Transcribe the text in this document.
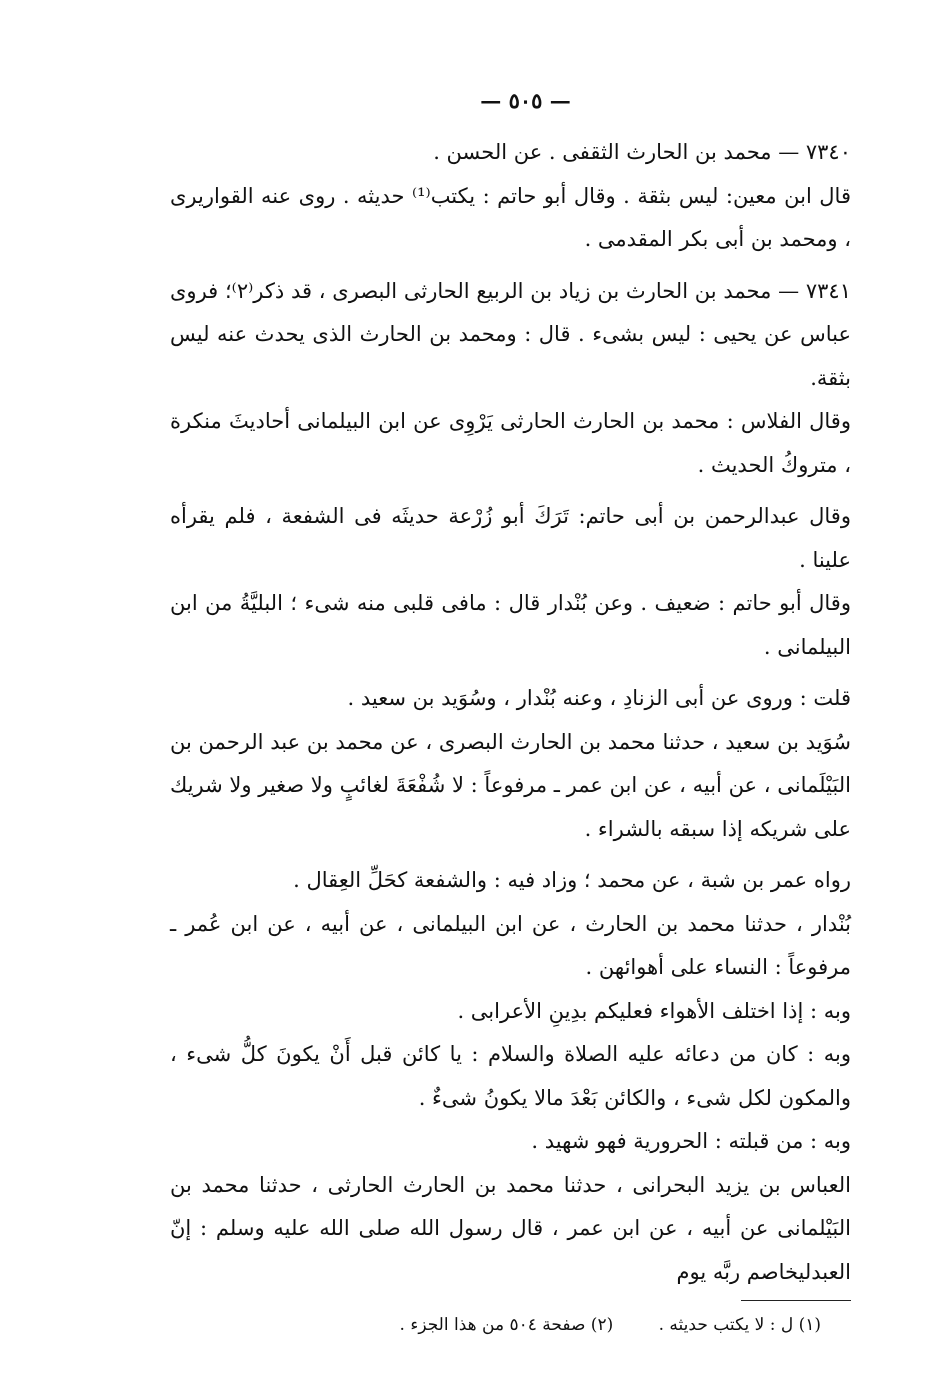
— ٥٠٥ —

٧٣٤٠ — محمد بن الحارث الثقفى . عن الحسن .

قال ابن معين: ليس بثقة . وقال أبو حاتم : يكتب⁽¹⁾ حديثه . روى عنه القواريرى ، ومحمد بن أبى بكر المقدمى .

٧٣٤١ — محمد بن الحارث بن زياد بن الربيع الحارثى البصرى ، قد ذكر⁽٢⁾؛ فروى عباس عن يحيى : ليس بشىء . قال : ومحمد بن الحارث الذى يحدث عنه ليس بثقة.

وقال الفلاس : محمد بن الحارث الحارثى يَرْوِى عن ابن البيلمانى أحاديثَ منكرة ، متروكُ الحديث .

وقال عبدالرحمن بن أبى حاتم: تَرَكَ أبو زُرْعة حديثَه فى الشفعة ، فلم يقرأه علينا .

وقال أبو حاتم : ضعيف . وعن بُنْدار قال : مافى قلبى منه شىء ؛ البليَّةُ من ابن البيلمانى .

قلت : وروى عن أبى الزنادِ ، وعنه بُنْدار ، وسُوَيد بن سعيد .

سُوَيد بن سعيد ، حدثنا محمد بن الحارث البصرى ، عن محمد بن عبد الرحمن بن البَيْلَمانى ، عن أبيه ، عن ابن عمر ـ مرفوعاً : لا شُفْعَةَ لغائبٍ ولا صغير ولا شريك على شريكه إذا سبقه بالشراء .

رواه عمر بن شبة ، عن محمد ؛ وزاد فيه : والشفعة كحَلِّ العِقال .

بُنْدار ، حدثنا محمد بن الحارث ، عن ابن البيلمانى ، عن أبيه ، عن ابن عُمر ـ مرفوعاً : النساء على أهوائهن .

وبه : إذا اختلف الأهواء فعليكم بدِينِ الأعرابى .

وبه : كان من دعائه عليه الصلاة والسلام : يا كائن قبل أَنْ يكونَ كلُّ شىء ، والمكون لكل شىء ، والكائن بَعْدَ مالا يكونُ شىءٌ .

وبه : من قبلته : الحرورية فهو شهيد .

العباس بن يزيد البحرانى ، حدثنا محمد بن الحارث الحارثى ، حدثنا محمد بن البَيْلمانى عن أبيه ، عن ابن عمر ، قال رسول الله صلى الله عليه وسلم : إنّ العبدليخاصم ربَّه يوم

(١) ل : لا يكتب حديثه . (٢) صفحة ٥٠٤ من هذا الجزء .
